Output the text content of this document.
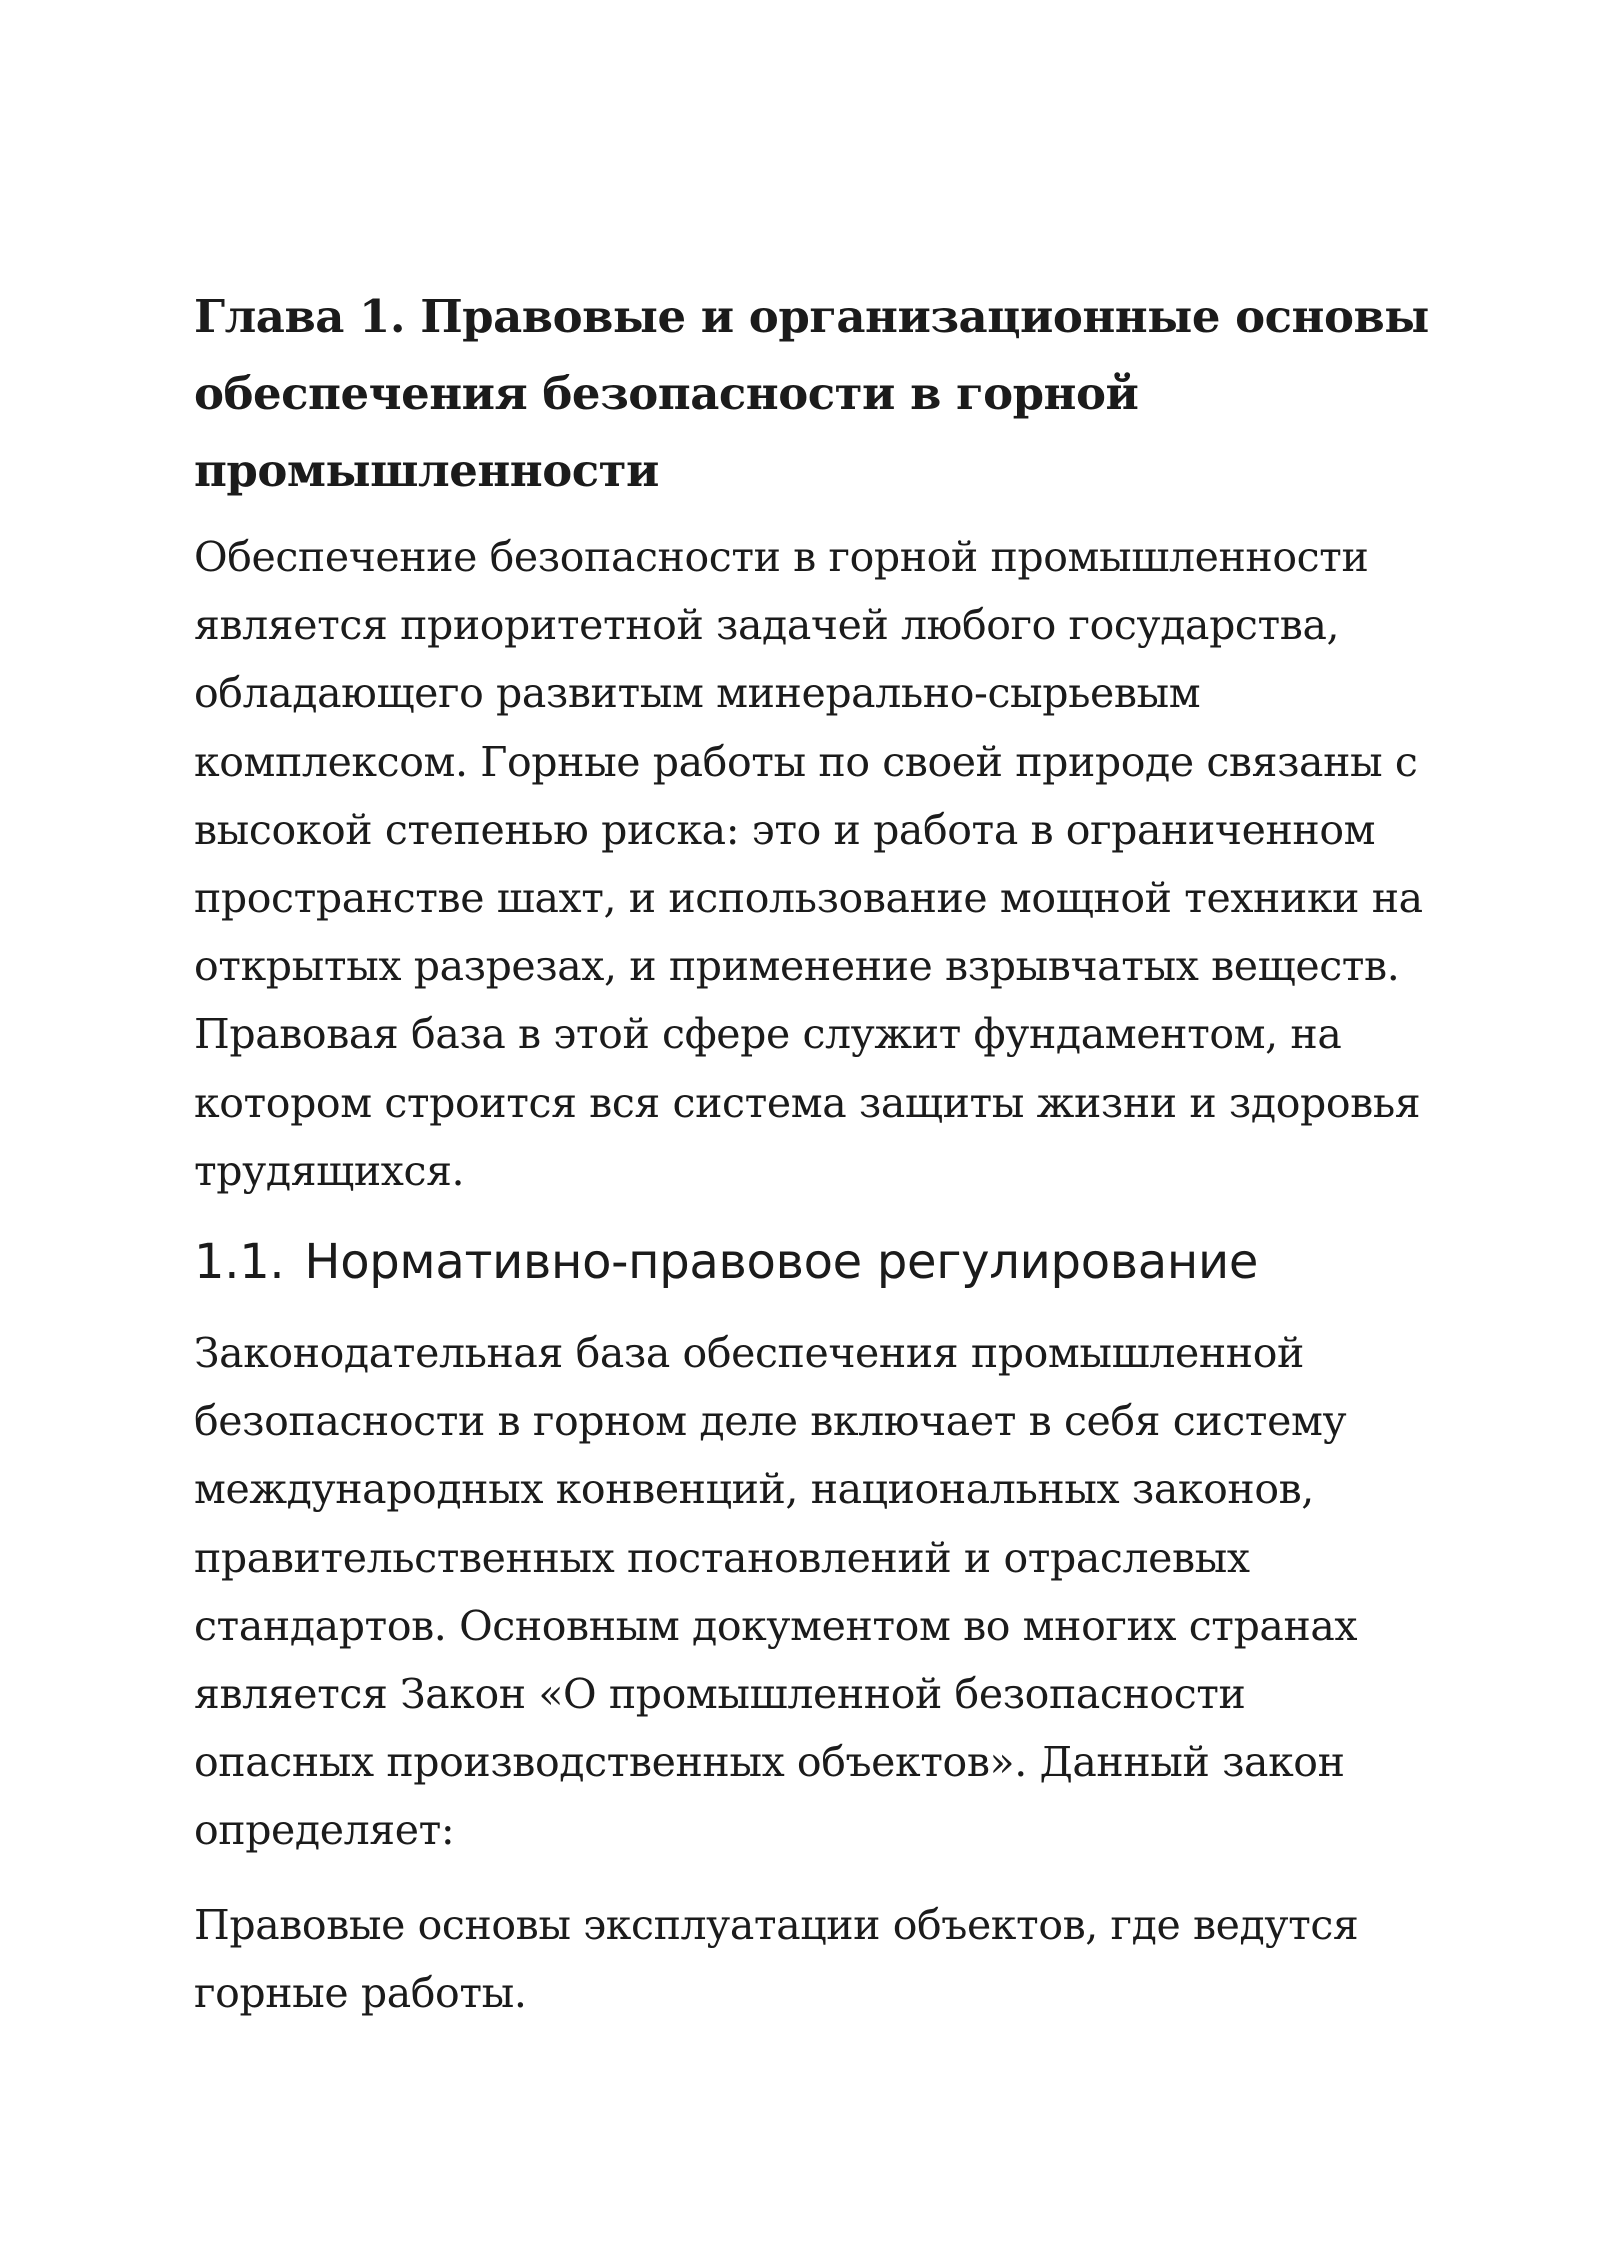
Глава 1. Правовые и организационные основы обеспечения безопасности в горной промышленности

Обеспечение безопасности в горной промышленности является приоритетной задачей любого государства, обладающего развитым минерально-сырьевым комплексом. Горные работы по своей природе связаны с высокой степенью риска: это и работа в ограниченном пространстве шахт, и использование мощной техники на открытых разрезах, и применение взрывчатых веществ. Правовая база в этой сфере служит фундаментом, на котором строится вся система защиты жизни и здоровья трудящихся.

1.1. Нормативно-правовое регулирование

Законодательная база обеспечения промышленной безопасности в горном деле включает в себя систему международных конвенций, национальных законов, правительственных постановлений и отраслевых стандартов. Основным документом во многих странах является Закон «О промышленной безопасности опасных производственных объектов». Данный закон определяет:

Правовые основы эксплуатации объектов, где ведутся горные работы.
